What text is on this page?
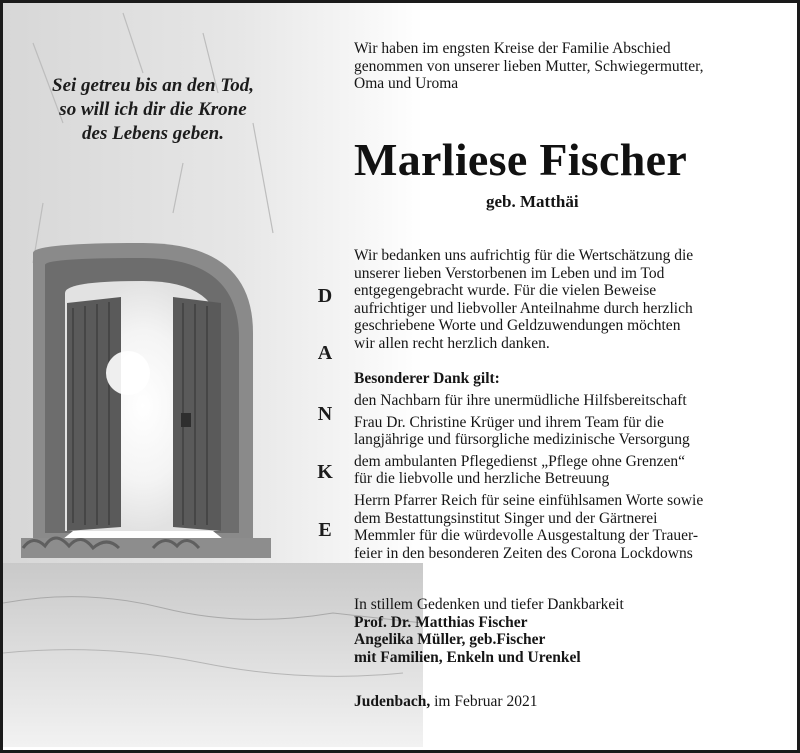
Sei getreu bis an den Tod,
so will ich dir die Krone
des Lebens geben.

Wir haben im engsten Kreise der Familie Abschied
genommen von unserer lieben Mutter, Schwiegermutter,
Oma und Uroma
Marliese Fischer

geb. Matthäi

D
A
N
K
E
Wir bedanken uns aufrichtig für die Wertschätzung die
unserer lieben Verstorbenen im Leben und im Tod
entgegengebracht wurde. Für die vielen Beweise
aufrichtiger und liebvoller Anteilnahme durch herzlich
geschriebene Worte und Geldzuwendungen möchten
wir allen recht herzlich danken.
Besonderer Dank gilt:
den Nachbarn für ihre unermüdliche Hilfsbereitschaft
Frau Dr. Christine Krüger und ihrem Team für die
langjährige und fürsorgliche medizinische Versorgung
dem ambulanten Pflegedienst „Pflege ohne Grenzen“
für die liebvolle und herzliche Betreuung
Herrn Pfarrer Reich für seine einfühlsamen Worte sowie
dem Bestattungsinstitut Singer und der Gärtnerei
Memmler für die würdevolle Ausgestaltung der Trauer-
feier in den besonderen Zeiten des Corona Lockdowns
In stillem Gedenken und tiefer Dankbarkeit
Prof. Dr. Matthias Fischer
Angelika Müller, geb.Fischer
mit Familien, Enkeln und Urenkel
Judenbach, im Februar 2021
